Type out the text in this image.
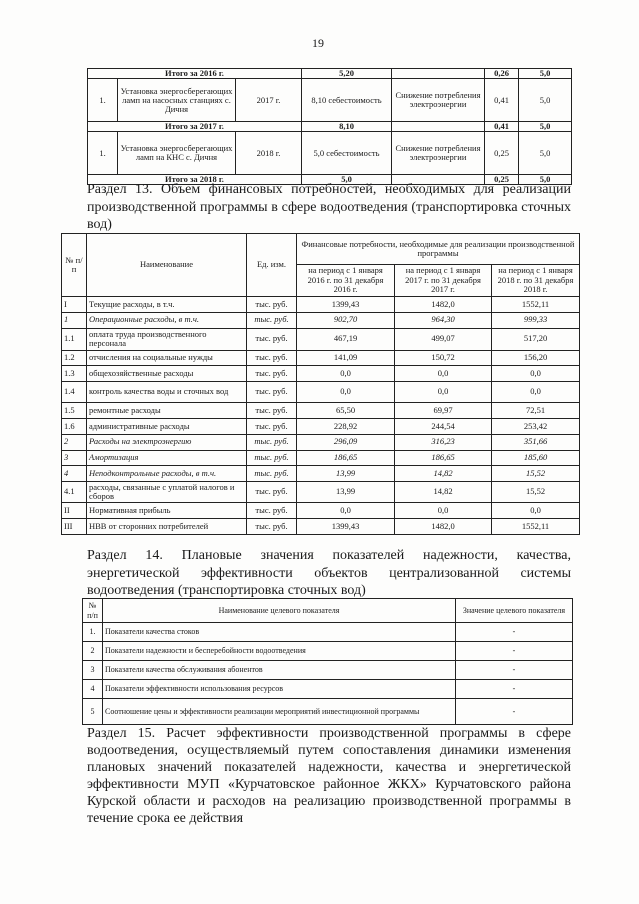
19
Итого за 2016 г.			5,20		0,26	5,0
1.	Установка энергосберегающих ламп на насосных станциях с. Дичня	2017 г.	8,10 себестоимость	Снижение потребления электроэнергии	0,41	5,0
Итого за 2017 г.			8,10		0,41	5,0
1.	Установка энергосберегающих ламп на КНС с. Дичня	2018 г.	5,0 себестоимость	Снижение потребления электроэнергии	0,25	5,0
Итого за 2018 г.			5,0		0,25	5,0
Раздел 13. Объем финансовых потребностей, необходимых для реализации
производственной программы в сфере водоотведения (транспортировка сточных
вод)
№ п/п	Наименование	Ед. изм.	Финансовые потребности, необходимые для реализации производственной программы		
			на период с 1 января 2016 г. по 31 декабря 2016 г.	на период с 1 января 2017 г. по 31 декабря 2017 г.	на период с 1 января 2018 г. по 31 декабря 2018 г.
I	Текущие расходы, в т.ч.	тыс. руб.	1399,43	1482,0	1552,11
1	Операционные расходы, в т.ч.	тыс. руб.	902,70	964,30	999,33
1.1	оплата труда производственного персонала	тыс. руб.	467,19	499,07	517,20
1.2	отчисления на социальные нужды	тыс. руб.	141,09	150,72	156,20
1.3	общехозяйственные расходы	тыс. руб.	0,0	0,0	0,0
1.4	контроль качества воды и сточных вод	тыс. руб.	0,0	0,0	0,0
1.5	ремонтные расходы	тыс. руб.	65,50	69,97	72,51
1.6	административные расходы	тыс. руб.	228,92	244,54	253,42
2	Расходы на электроэнергию	тыс. руб.	296,09	316,23	351,66
3	Амортизация	тыс. руб.	186,65	186,65	185,60
4	Неподконтрольные расходы, в т.ч.	тыс. руб.	13,99	14,82	15,52
4.1	расходы, связанные с уплатой налогов и сборов	тыс. руб.	13,99	14,82	15,52
II	Нормативная прибыль	тыс. руб.	0,0	0,0	0,0
III	НВВ от сторонних потребителей	тыс. руб.	1399,43	1482,0	1552,11
Раздел 14. Плановые значения показателей надежности, качества,
энергетической эффективности объектов централизованной системы
водоотведения (транспортировка сточных вод)
№ п/п	Наименование целевого показателя	Значение целевого показателя
1.	Показатели качества стоков	-
2	Показатели надежности и бесперебойности водоотведения	-
3	Показатели качества обслуживания абонентов	-
4	Показатели эффективности использования ресурсов	-
5	Соотношение цены и эффективности реализации мероприятий инвестиционной программы	-
Раздел 15. Расчет эффективности производственной программы в сфере
водоотведения, осуществляемый путем сопоставления динамики изменения
плановых значений показателей надежности, качества и энергетической
эффективности МУП «Курчатовское районное ЖКХ» Курчатовского района
Курской области и расходов на реализацию производственной программы в
течение срока ее действия
